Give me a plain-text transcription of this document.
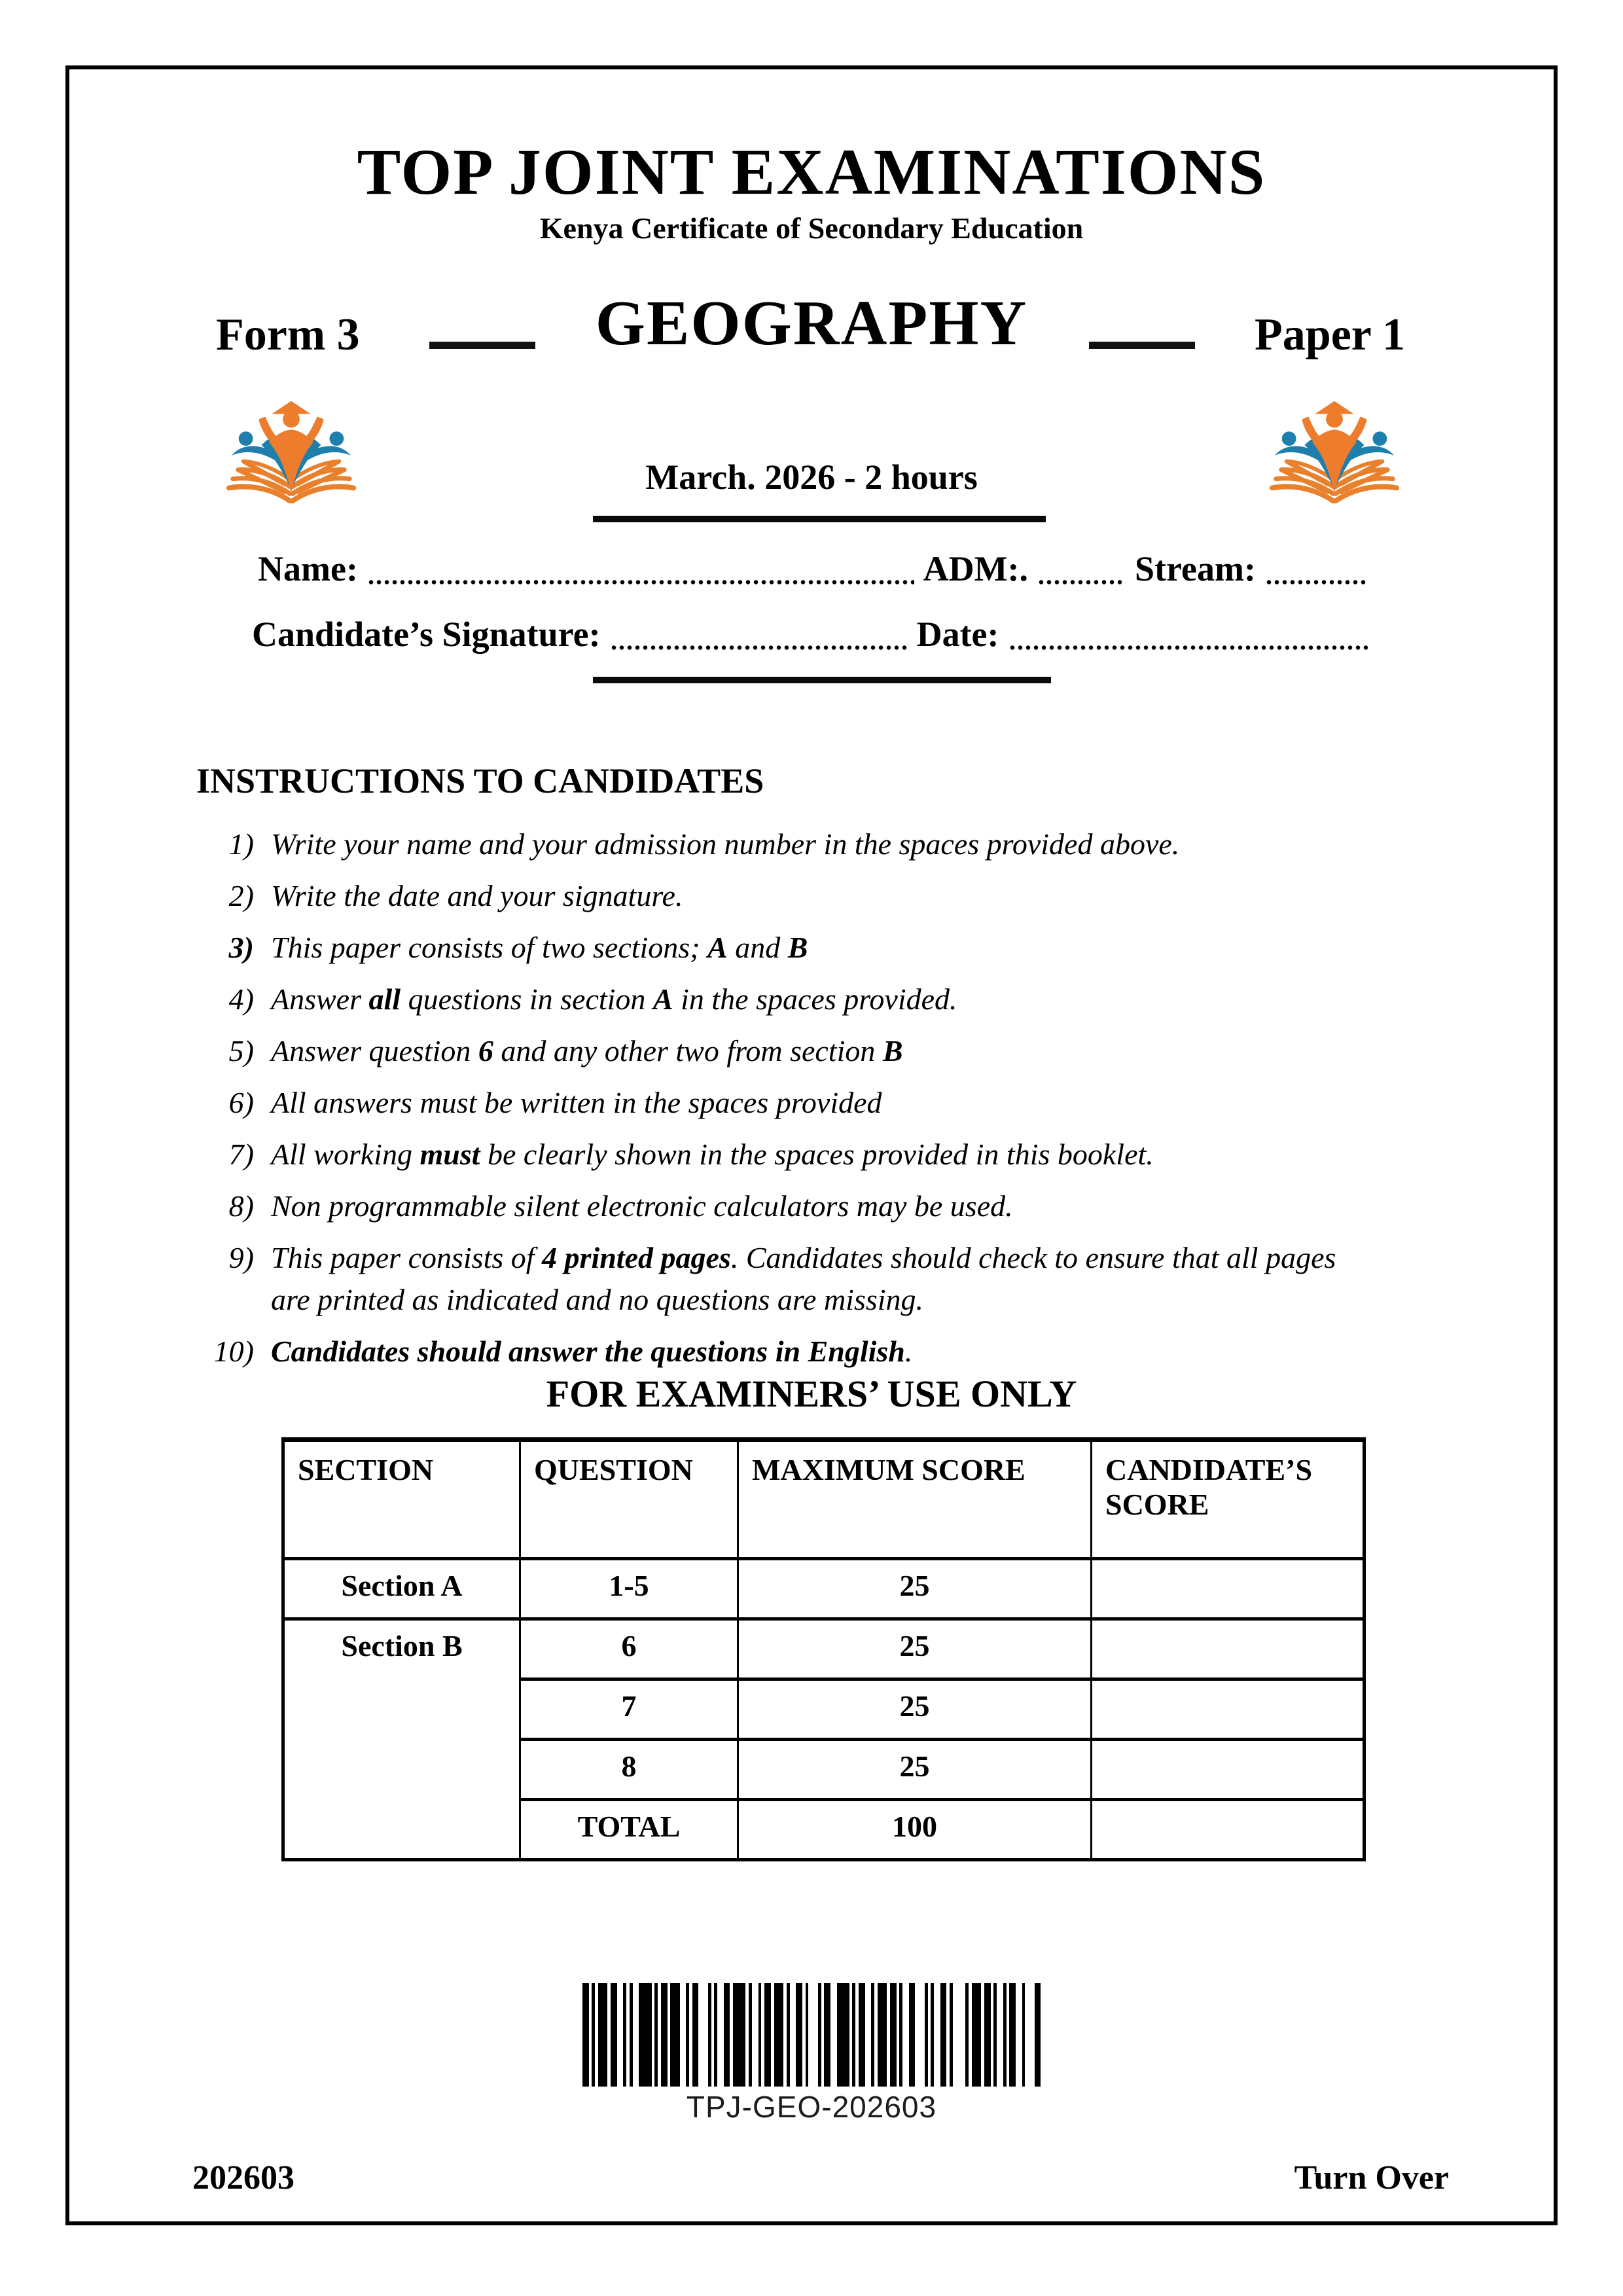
TOP JOINT EXAMINATIONS
Kenya Certificate of Secondary Education
Form 3	GEOGRAPHY	Paper 1
March. 2026 - 2 hours
Name:	ADM:.	Stream:
Candidate’s Signature:	Date:
INSTRUCTIONS TO CANDIDATES
1) Write your name and your admission number in the spaces provided above.
2) Write the date and your signature.
3) This paper consists of two sections; A and B
4) Answer all questions in section A in the spaces provided.
5) Answer question 6 and any other two from section B
6) All answers must be written in the spaces provided
7) All working must be clearly shown in the spaces provided in this booklet.
8) Non programmable silent electronic calculators may be used.
9) This paper consists of 4 printed pages. Candidates should check to ensure that all pages are printed as indicated and no questions are missing.
10) Candidates should answer the questions in English.
FOR EXAMINERS’ USE ONLY
SECTION	QUESTION	MAXIMUM SCORE	CANDIDATE’S SCORE
Section A	1-5	25	
Section B	6	25	
	7	25	
	8	25	
	TOTAL	100	
TPJ-GEO-202603
202603	Turn Over
